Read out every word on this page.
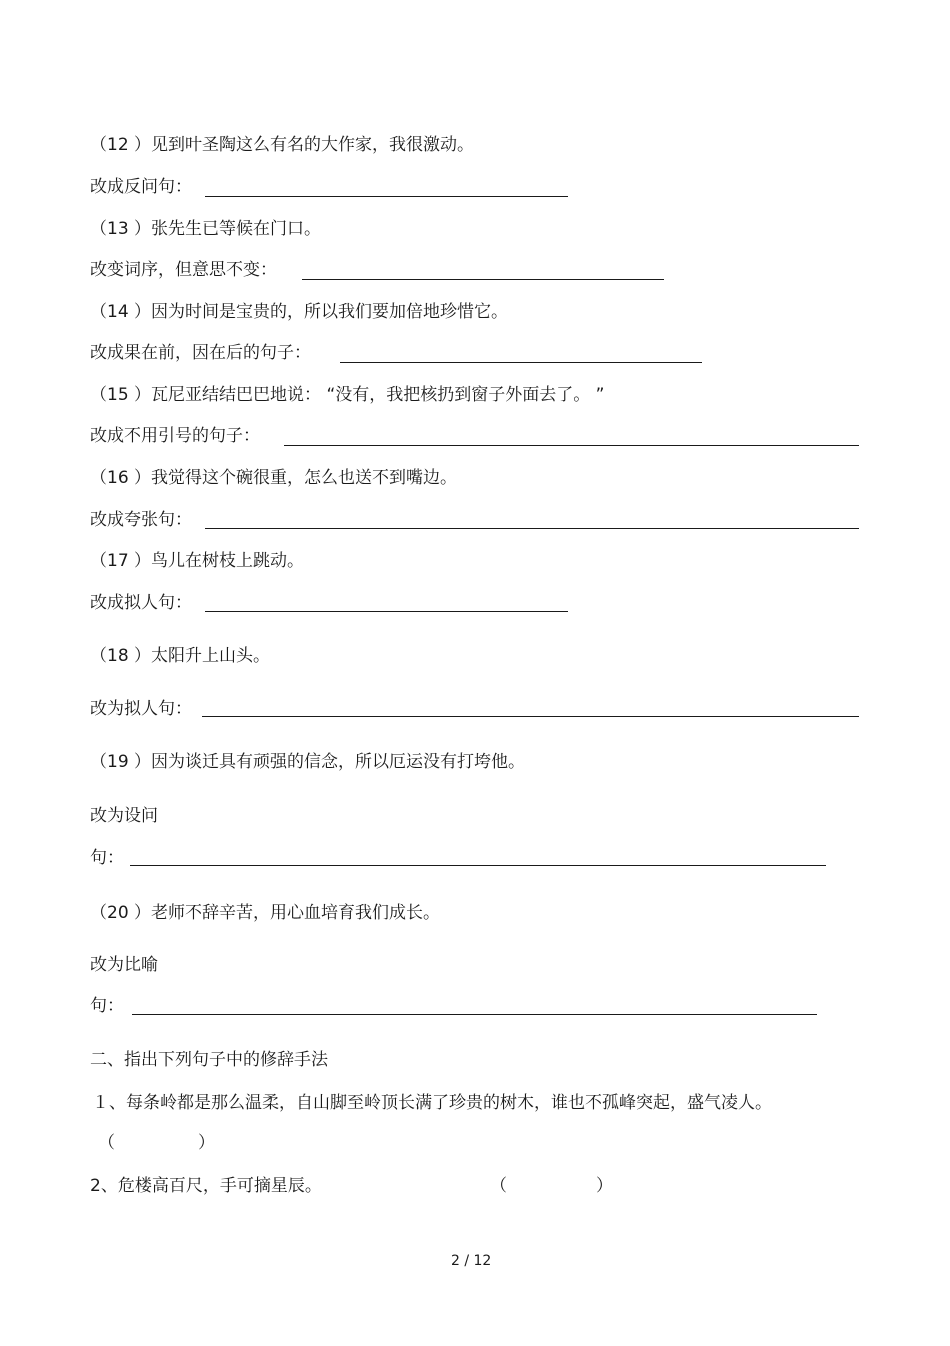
（12 ）见到叶圣陶这么有名的大作家，我很激动。
改成反问句：
（13 ）张先生已等候在门口。
改变词序，但意思不变：
（14 ）因为时间是宝贵的，所以我们要加倍地珍惜它。
改成果在前，因在后的句子：
（15 ）瓦尼亚结结巴巴地说： “没有，我把核扔到窗子外面去了。 ”
改成不用引号的句子：
（16 ）我觉得这个碗很重，怎么也送不到嘴边。
改成夸张句：
（17 ）鸟儿在树枝上跳动。
改成拟人句：
（18 ）太阳升上山头。
改为拟人句：
（19 ）因为谈迁具有顽强的信念，所以厄运没有打垮他。
改为设问
句：
（20 ）老师不辞辛苦，用心血培育我们成长。
改为比喻
句：
二、指出下列句子中的修辞手法
１、每条岭都是那么温柔，自山脚至岭顶长满了珍贵的树木，谁也不孤峰突起，盛气凌人。
（	）
2、危楼高百尺，手可摘星辰。	（	）
2 / 12
